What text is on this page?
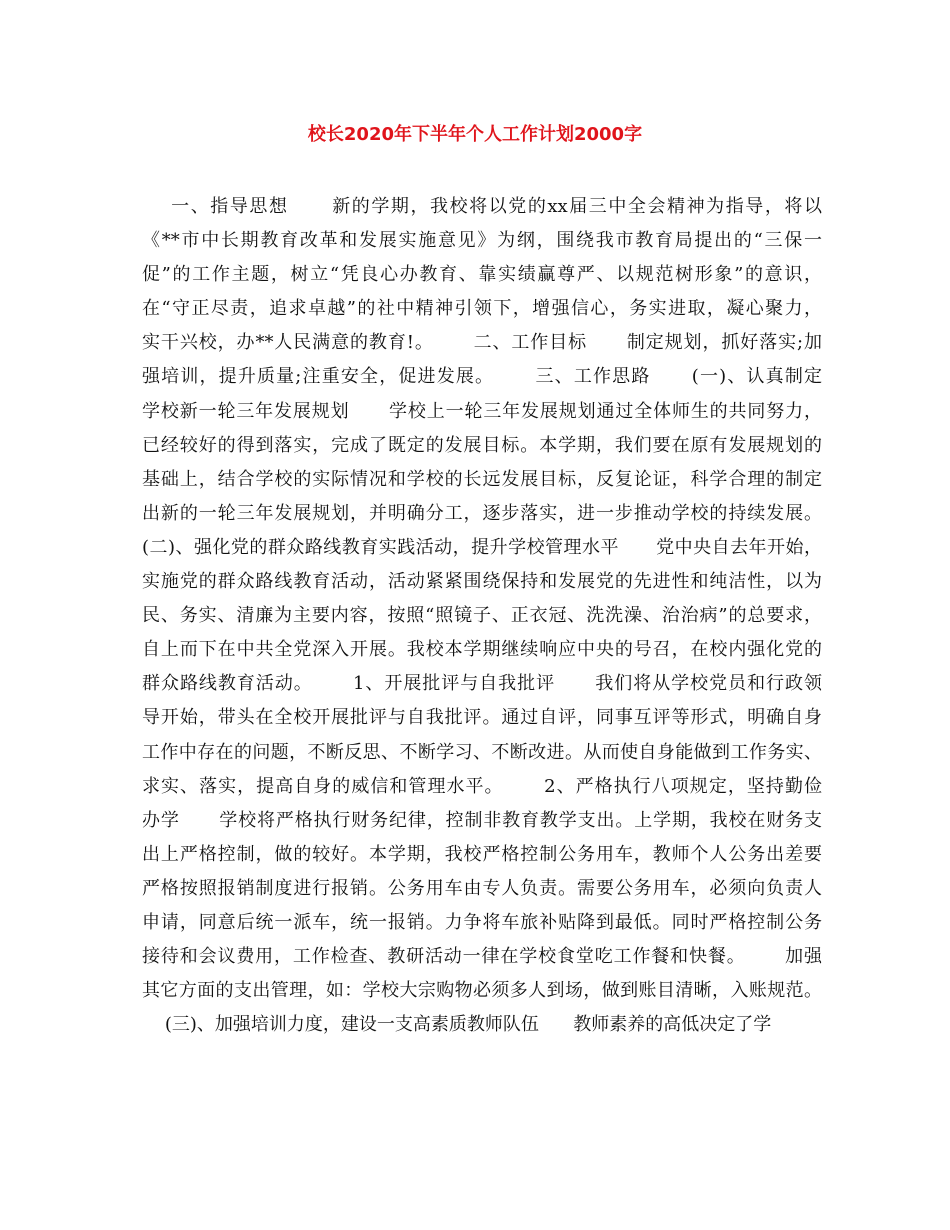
校长2020年下半年个人工作计划2000字
一、指导思想      新的学期，我校将以党的xx届三中全会精神为指导，将以
《**市中长期教育改革和发展实施意见》为纲，围绕我市教育局提出的“三保一
促”的工作主题，树立“凭良心办教育、靠实绩赢尊严、以规范树形象”的意识，
在“守正尽责，追求卓越”的社中精神引领下，增强信心，务实进取，凝心聚力，
实干兴校，办**人民满意的教育!。      二、工作目标      制定规划，抓好落实;加
强培训，提升质量;注重安全，促进发展。      三、工作思路      (一)、认真制定
学校新一轮三年发展规划      学校上一轮三年发展规划通过全体师生的共同努力，
已经较好的得到落实，完成了既定的发展目标。本学期，我们要在原有发展规划的
基础上，结合学校的实际情况和学校的长远发展目标，反复论证，科学合理的制定
出新的一轮三年发展规划，并明确分工，逐步落实，进一步推动学校的持续发展。
(二)、强化党的群众路线教育实践活动，提升学校管理水平      党中央自去年开始，
实施党的群众路线教育活动，活动紧紧围绕保持和发展党的先进性和纯洁性，以为
民、务实、清廉为主要内容，按照“照镜子、正衣冠、洗洗澡、治治病”的总要求，
自上而下在中共全党深入开展。我校本学期继续响应中央的号召，在校内强化党的
群众路线教育活动。      1、开展批评与自我批评      我们将从学校党员和行政领
导开始，带头在全校开展批评与自我批评。通过自评，同事互评等形式，明确自身
工作中存在的问题，不断反思、不断学习、不断改进。从而使自身能做到工作务实、
求实、落实，提高自身的威信和管理水平。      2、严格执行八项规定，坚持勤俭
办学      学校将严格执行财务纪律，控制非教育教学支出。上学期，我校在财务支
出上严格控制，做的较好。本学期，我校严格控制公务用车，教师个人公务出差要
严格按照报销制度进行报销。公务用车由专人负责。需要公务用车，必须向负责人
申请，同意后统一派车，统一报销。力争将车旅补贴降到最低。同时严格控制公务
接待和会议费用，工作检查、教研活动一律在学校食堂吃工作餐和快餐。      加强
其它方面的支出管理，如：学校大宗购物必须多人到场，做到账目清晰，入账规范。
(三)、加强培训力度，建设一支高素质教师队伍      教师素养的高低决定了学
